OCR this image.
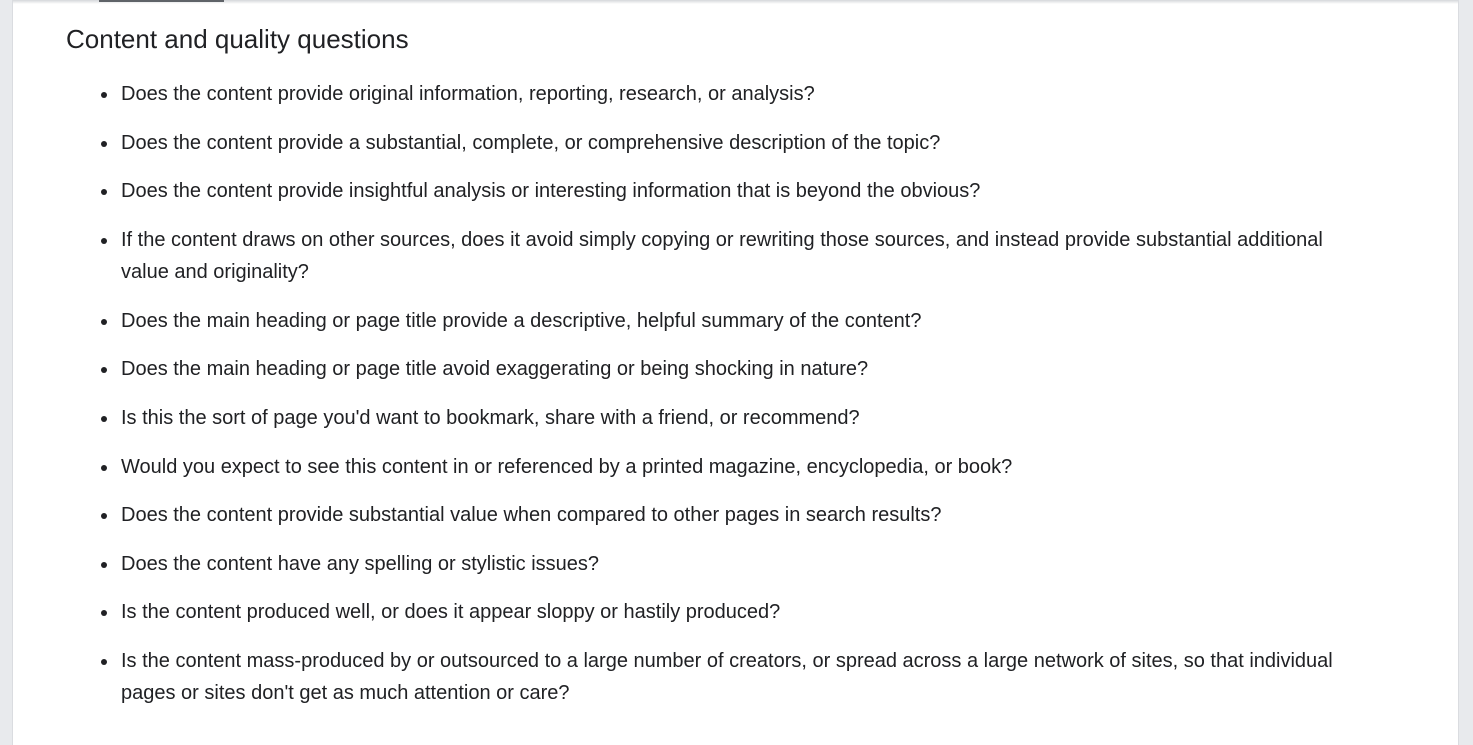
Content and quality questions
Does the content provide original information, reporting, research, or analysis?
Does the content provide a substantial, complete, or comprehensive description of the topic?
Does the content provide insightful analysis or interesting information that is beyond the obvious?
If the content draws on other sources, does it avoid simply copying or rewriting those sources, and instead provide substantial additional value and originality?
Does the main heading or page title provide a descriptive, helpful summary of the content?
Does the main heading or page title avoid exaggerating or being shocking in nature?
Is this the sort of page you'd want to bookmark, share with a friend, or recommend?
Would you expect to see this content in or referenced by a printed magazine, encyclopedia, or book?
Does the content provide substantial value when compared to other pages in search results?
Does the content have any spelling or stylistic issues?
Is the content produced well, or does it appear sloppy or hastily produced?
Is the content mass-produced by or outsourced to a large number of creators, or spread across a large network of sites, so that individual pages or sites don't get as much attention or care?
